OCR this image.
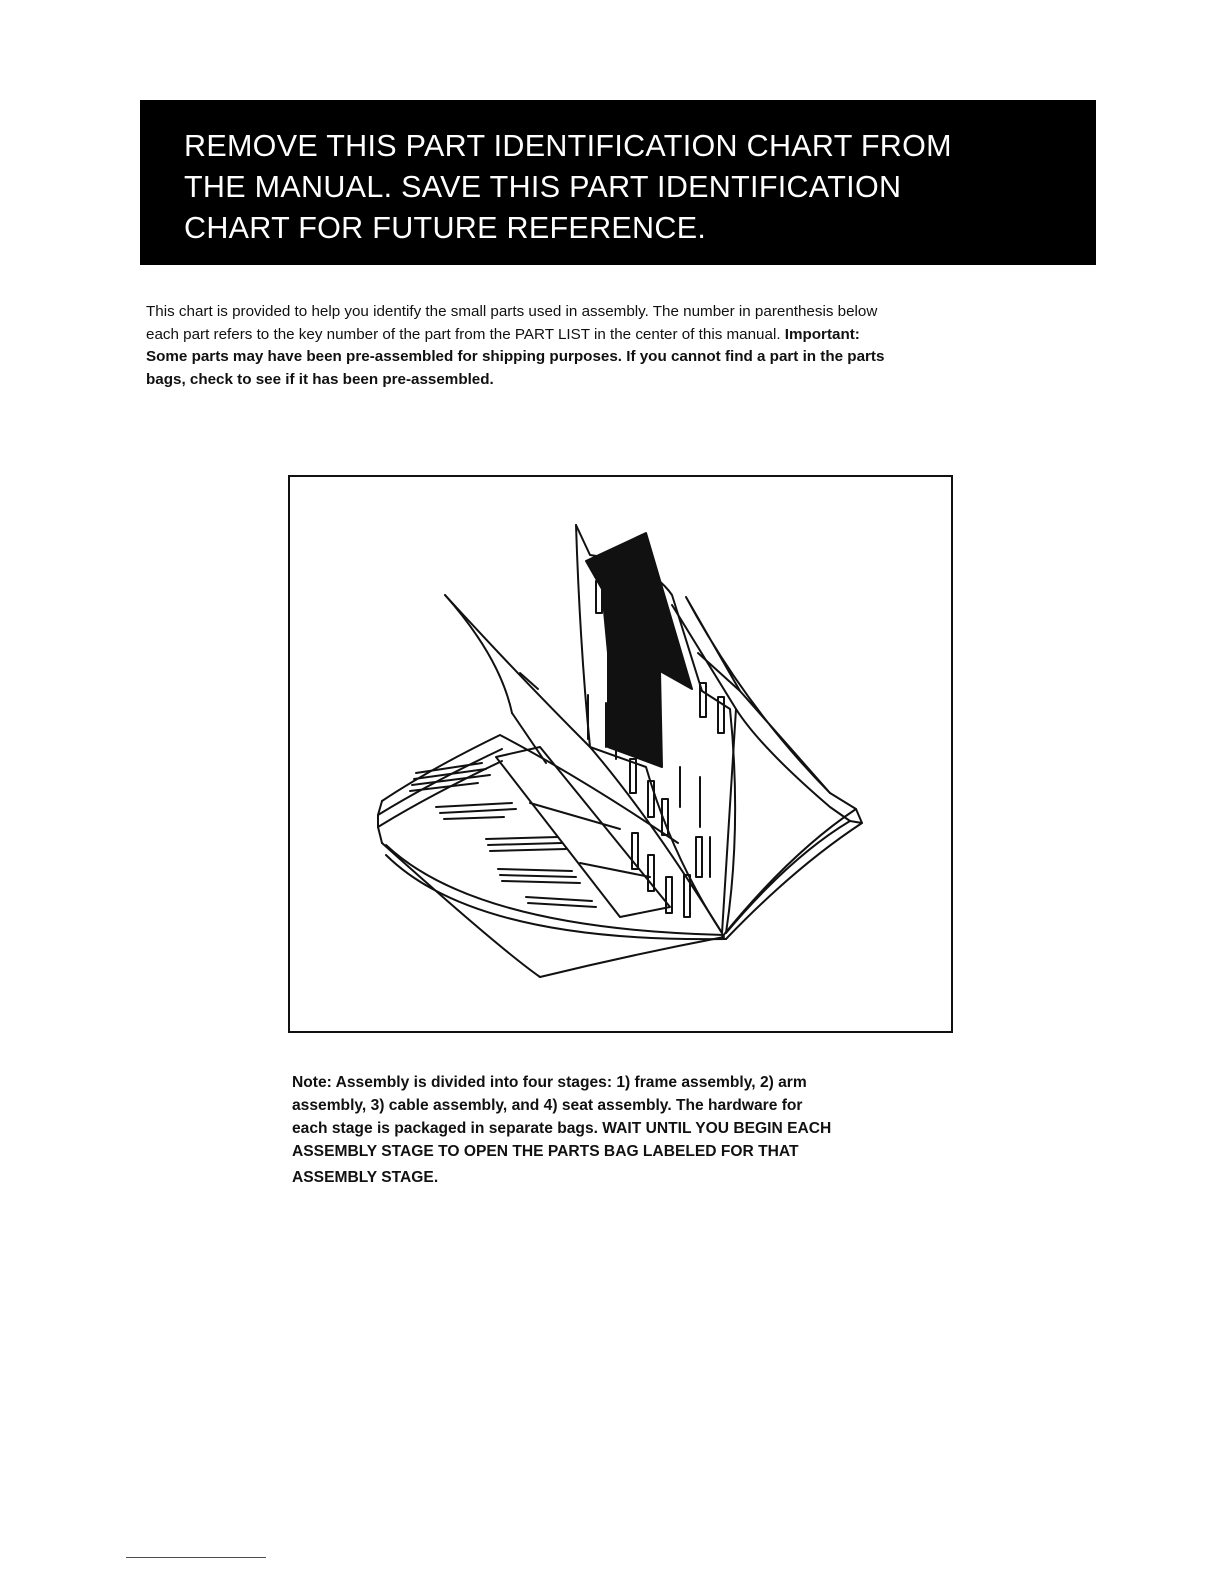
REMOVE THIS PART IDENTIFICATION CHART FROM
THE MANUAL. SAVE THIS PART IDENTIFICATION
CHART FOR FUTURE REFERENCE.
This chart is provided to help you identify the small parts used in assembly. The number in parenthesis below
each part refers to the key number of the part from the PART LIST in the center of this manual. Important:
Some parts may have been pre-assembled for shipping purposes. If you cannot find a part in the parts
bags, check to see if it has been pre-assembled.
Note: Assembly is divided into four stages: 1) frame assembly, 2) arm
assembly, 3) cable assembly, and 4) seat assembly. The hardware for
each stage is packaged in separate bags. WAIT UNTIL YOU BEGIN EACH
ASSEMBLY STAGE TO OPEN THE PARTS BAG LABELED FOR THAT
ASSEMBLY STAGE.
